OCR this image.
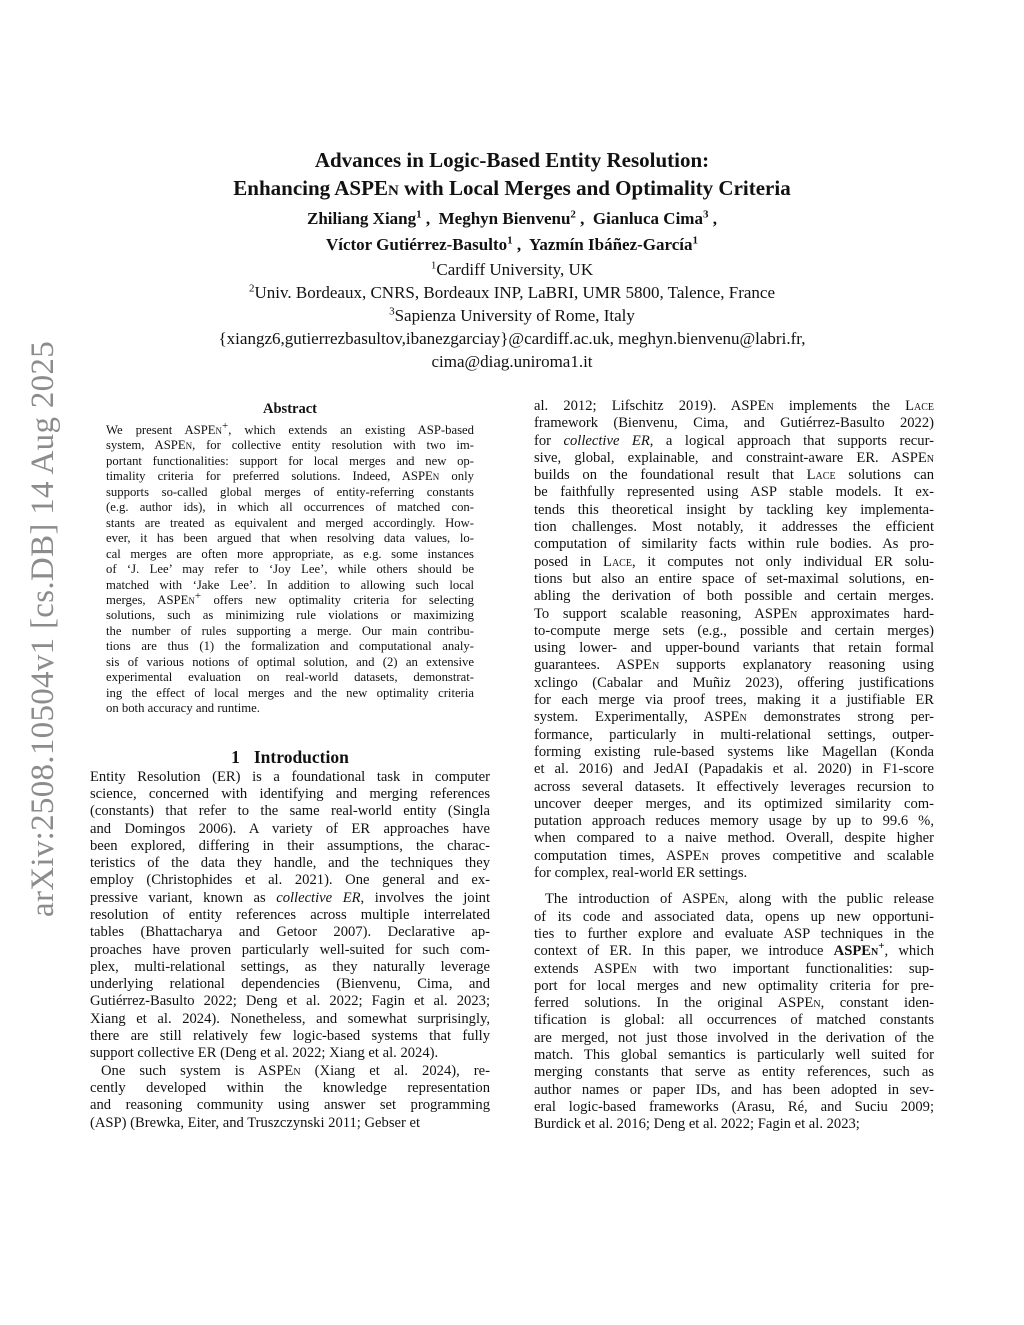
arXiv:2508.10504v1 [cs.DB] 14 Aug 2025
Advances in Logic-Based Entity Resolution:
Enhancing ASPEn with Local Merges and Optimality Criteria
Zhiliang Xiang$^1$ ,  Meghyn Bienvenu$^2$ ,  Gianluca Cima$^3$ ,
Víctor Gutiérrez-Basulto$^1$ ,  Yazmín Ibáñez-García$^1$
$^1$Cardiff University, UK
$^2$Univ. Bordeaux, CNRS, Bordeaux INP, LaBRI, UMR 5800, Talence, France
$^3$Sapienza University of Rome, Italy
{xiangz6,gutierrezbasultov,ibanezgarciay}@cardiff.ac.uk, meghyn.bienvenu@labri.fr,
cima@diag.uniroma1.it
Abstract
We present ASPEn+, which extends an existing ASP-based
system, ASPEn, for collective entity resolution with two im-
portant functionalities: support for local merges and new op-
timality criteria for preferred solutions. Indeed, ASPEn only
supports so-called global merges of entity-referring constants
(e.g. author ids), in which all occurrences of matched con-
stants are treated as equivalent and merged accordingly. How-
ever, it has been argued that when resolving data values, lo-
cal merges are often more appropriate, as e.g. some instances
of ‘J. Lee’ may refer to ‘Joy Lee’, while others should be
matched with ‘Jake Lee’. In addition to allowing such local
merges, ASPEn+ offers new optimality criteria for selecting
solutions, such as minimizing rule violations or maximizing
the number of rules supporting a merge. Our main contribu-
tions are thus (1) the formalization and computational analy-
sis of various notions of optimal solution, and (2) an extensive
experimental evaluation on real-world datasets, demonstrat-
ing the effect of local merges and the new optimality criteria
on both accuracy and runtime.
1 Introduction
Entity Resolution (ER) is a foundational task in computer
science, concerned with identifying and merging references
(constants) that refer to the same real-world entity (Singla
and Domingos 2006). A variety of ER approaches have
been explored, differing in their assumptions, the charac-
teristics of the data they handle, and the techniques they
employ (Christophides et al. 2021). One general and ex-
pressive variant, known as collective ER, involves the joint
resolution of entity references across multiple interrelated
tables (Bhattacharya and Getoor 2007). Declarative ap-
proaches have proven particularly well-suited for such com-
plex, multi-relational settings, as they naturally leverage
underlying relational dependencies (Bienvenu, Cima, and
Gutiérrez-Basulto 2022; Deng et al. 2022; Fagin et al. 2023;
Xiang et al. 2024). Nonetheless, and somewhat surprisingly,
there are still relatively few logic-based systems that fully
support collective ER (Deng et al. 2022; Xiang et al. 2024).
One such system is ASPEn (Xiang et al. 2024), re-
cently developed within the knowledge representation
and reasoning community using answer set programming
(ASP) (Brewka, Eiter, and Truszczynski 2011; Gebser et
al. 2012; Lifschitz 2019). ASPEn implements the Lace
framework (Bienvenu, Cima, and Gutiérrez-Basulto 2022)
for collective ER, a logical approach that supports recur-
sive, global, explainable, and constraint-aware ER. ASPEn
builds on the foundational result that Lace solutions can
be faithfully represented using ASP stable models. It ex-
tends this theoretical insight by tackling key implementa-
tion challenges. Most notably, it addresses the efficient
computation of similarity facts within rule bodies. As pro-
posed in Lace, it computes not only individual ER solu-
tions but also an entire space of set-maximal solutions, en-
abling the derivation of both possible and certain merges.
To support scalable reasoning, ASPEn approximates hard-
to-compute merge sets (e.g., possible and certain merges)
using lower- and upper-bound variants that retain formal
guarantees. ASPEn supports explanatory reasoning using
xclingo (Cabalar and Muñiz 2023), offering justifications
for each merge via proof trees, making it a justifiable ER
system. Experimentally, ASPEn demonstrates strong per-
formance, particularly in multi-relational settings, outper-
forming existing rule-based systems like Magellan (Konda
et al. 2016) and JedAI (Papadakis et al. 2020) in F1-score
across several datasets. It effectively leverages recursion to
uncover deeper merges, and its optimized similarity com-
putation approach reduces memory usage by up to 99.6 %,
when compared to a naive method. Overall, despite higher
computation times, ASPEn proves competitive and scalable
for complex, real-world ER settings.
The introduction of ASPEn, along with the public release
of its code and associated data, opens up new opportuni-
ties to further explore and evaluate ASP techniques in the
context of ER. In this paper, we introduce ASPEn+, which
extends ASPEn with two important functionalities: sup-
port for local merges and new optimality criteria for pre-
ferred solutions. In the original ASPEn, constant iden-
tification is global: all occurrences of matched constants
are merged, not just those involved in the derivation of the
match. This global semantics is particularly well suited for
merging constants that serve as entity references, such as
author names or paper IDs, and has been adopted in sev-
eral logic-based frameworks (Arasu, Ré, and Suciu 2009;
Burdick et al. 2016; Deng et al. 2022; Fagin et al. 2023;
